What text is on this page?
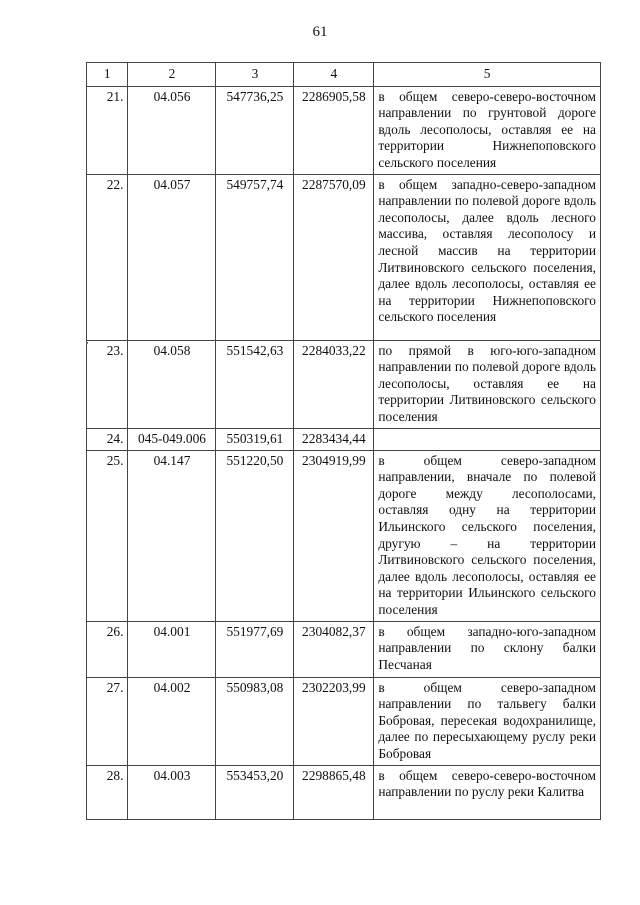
61
1	2	3	4	5
21.	04.056	547736,25	2286905,58	в общем северо-северо-восточном направлении по грунтовой дороге вдоль лесополосы, оставляя ее на территории Нижнепоповского сельского поселения
22.	04.057	549757,74	2287570,09	в общем западно-северо-западном направлении по полевой дороге вдоль лесополосы, далее вдоль лесного массива, оставляя лесополосу и лесной массив на территории Литвиновского сельского поселения, далее вдоль лесополосы, оставляя ее на территории Нижнепоповского сельского поселения
23.	04.058	551542,63	2284033,22	по прямой в юго-юго-западном направлении по полевой дороге вдоль лесополосы, оставляя ее на территории Литвиновского сельского поселения
24.	045-049.006	550319,61	2283434,44	
25.	04.147	551220,50	2304919,99	в общем северо-западном направлении, вначале по полевой дороге между лесополосами, оставляя одну на территории Ильинского сельского поселения, другую – на территории Литвиновского сельского поселения, далее вдоль лесополосы, оставляя ее на территории Ильинского сельского поселения
26.	04.001	551977,69	2304082,37	в общем западно-юго-западном направлении по склону балки Песчаная
27.	04.002	550983,08	2302203,99	в общем северо-западном направлении по тальвегу балки Бобровая, пересекая водохранилище, далее по пересыхающему руслу реки Бобровая
28.	04.003	553453,20	2298865,48	в общем северо-северо-восточном направлении по руслу реки Калитва
